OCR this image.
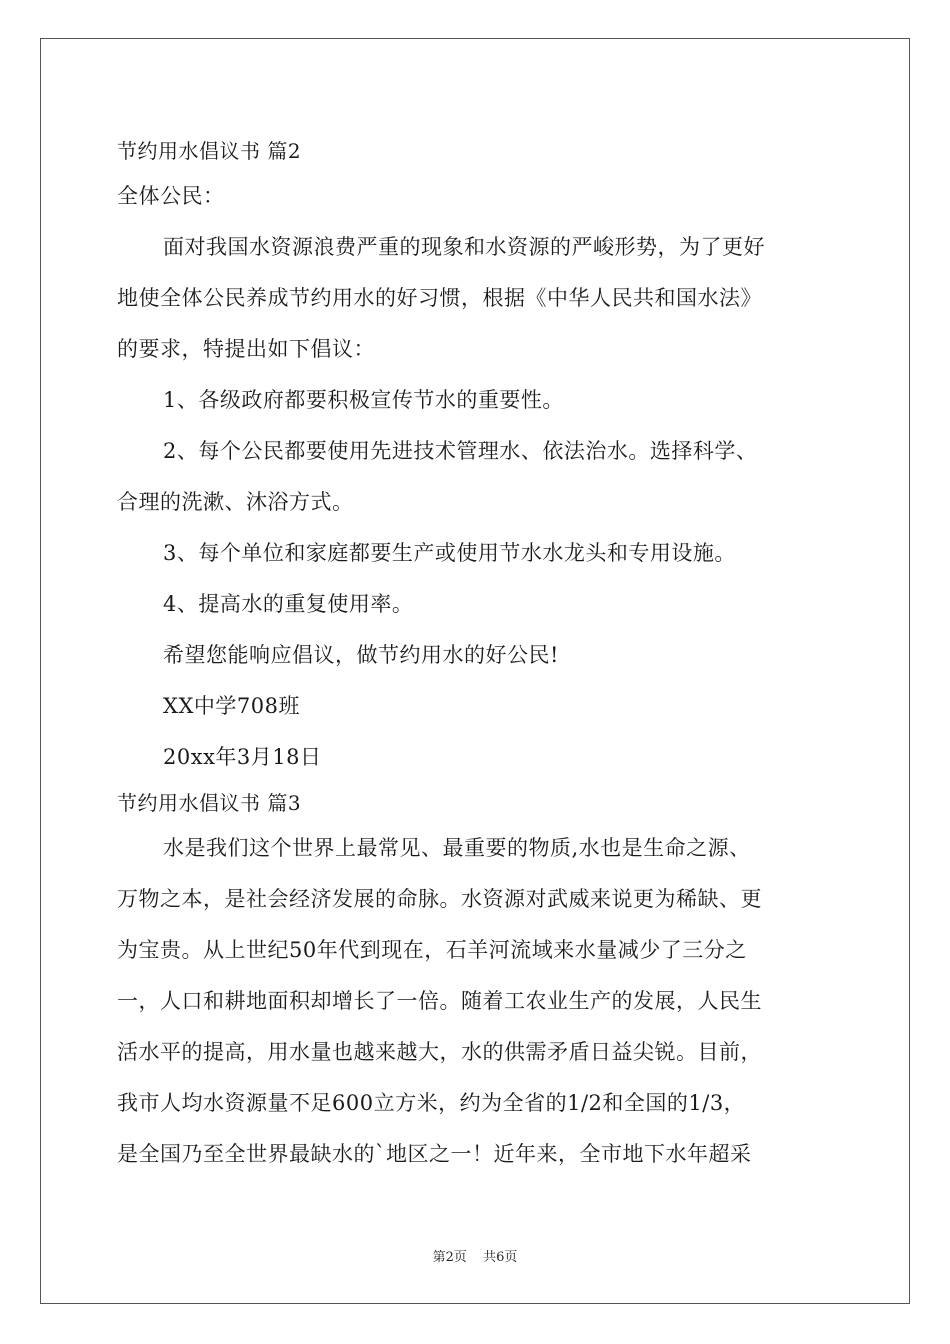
节约用水倡议书 篇2
全体公民：
面对我国水资源浪费严重的现象和水资源的严峻形势，为了更好
地使全体公民养成节约用水的好习惯，根据《中华人民共和国水法》
的要求，特提出如下倡议：
1、各级政府都要积极宣传节水的重要性。
2、每个公民都要使用先进技术管理水、依法治水。选择科学、
合理的洗漱、沐浴方式。
3、每个单位和家庭都要生产或使用节水水龙头和专用设施。
4、提高水的重复使用率。
希望您能响应倡议，做节约用水的好公民!
XX中学708班
20xx年3月18日
节约用水倡议书 篇3
水是我们这个世界上最常见、最重要的物质,水也是生命之源、
万物之本，是社会经济发展的命脉。水资源对武威来说更为稀缺、更
为宝贵。从上世纪50年代到现在，石羊河流域来水量减少了三分之
一，人口和耕地面积却增长了一倍。随着工农业生产的发展，人民生
活水平的提高，用水量也越来越大，水的供需矛盾日益尖锐。目前，
我市人均水资源量不足600立方米，约为全省的1/2和全国的1/3，
是全国乃至全世界最缺水的`地区之一！近年来，全市地下水年超采
第2页 共6页
